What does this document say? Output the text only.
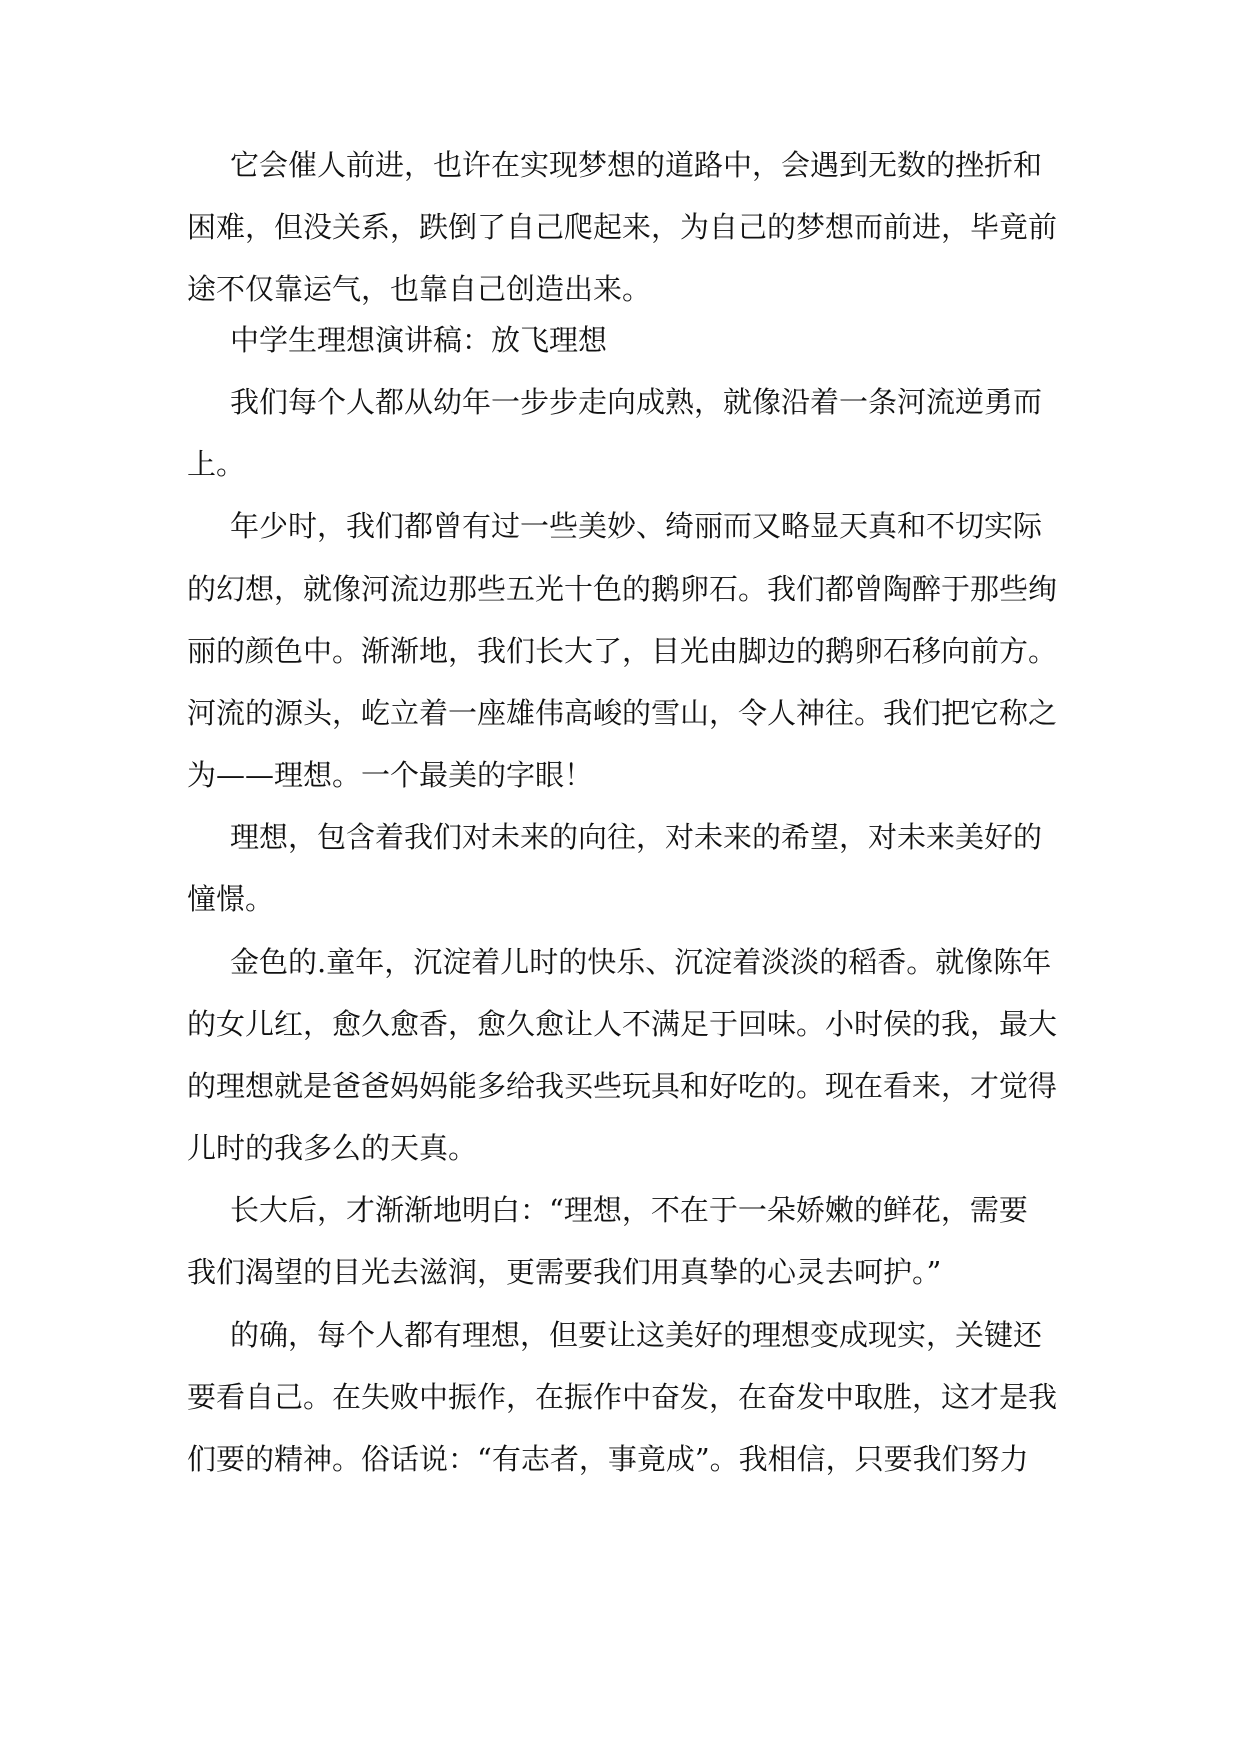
它会催人前进，也许在实现梦想的道路中，会遇到无数的挫折和

困难，但没关系，跌倒了自己爬起来，为自己的梦想而前进，毕竟前

途不仅靠运气，也靠自己创造出来。

中学生理想演讲稿：放飞理想

我们每个人都从幼年一步步走向成熟，就像沿着一条河流逆勇而

上。

年少时，我们都曾有过一些美妙、绮丽而又略显天真和不切实际

的幻想，就像河流边那些五光十色的鹅卵石。我们都曾陶醉于那些绚

丽的颜色中。渐渐地，我们长大了，目光由脚边的鹅卵石移向前方。

河流的源头，屹立着一座雄伟高峻的雪山，令人神往。我们把它称之

为——理想。一个最美的字眼！

理想，包含着我们对未来的向往，对未来的希望，对未来美好的

憧憬。

金色的.童年，沉淀着儿时的快乐、沉淀着淡淡的稻香。就像陈年

的女儿红，愈久愈香，愈久愈让人不满足于回味。小时侯的我，最大

的理想就是爸爸妈妈能多给我买些玩具和好吃的。现在看来，才觉得

儿时的我多么的天真。

长大后，才渐渐地明白：“理想，不在于一朵娇嫩的鲜花，需要

我们渴望的目光去滋润，更需要我们用真挚的心灵去呵护。”

的确，每个人都有理想，但要让这美好的理想变成现实，关键还

要看自己。在失败中振作，在振作中奋发，在奋发中取胜，这才是我

们要的精神。俗话说：“有志者，事竟成”。我相信，只要我们努力
